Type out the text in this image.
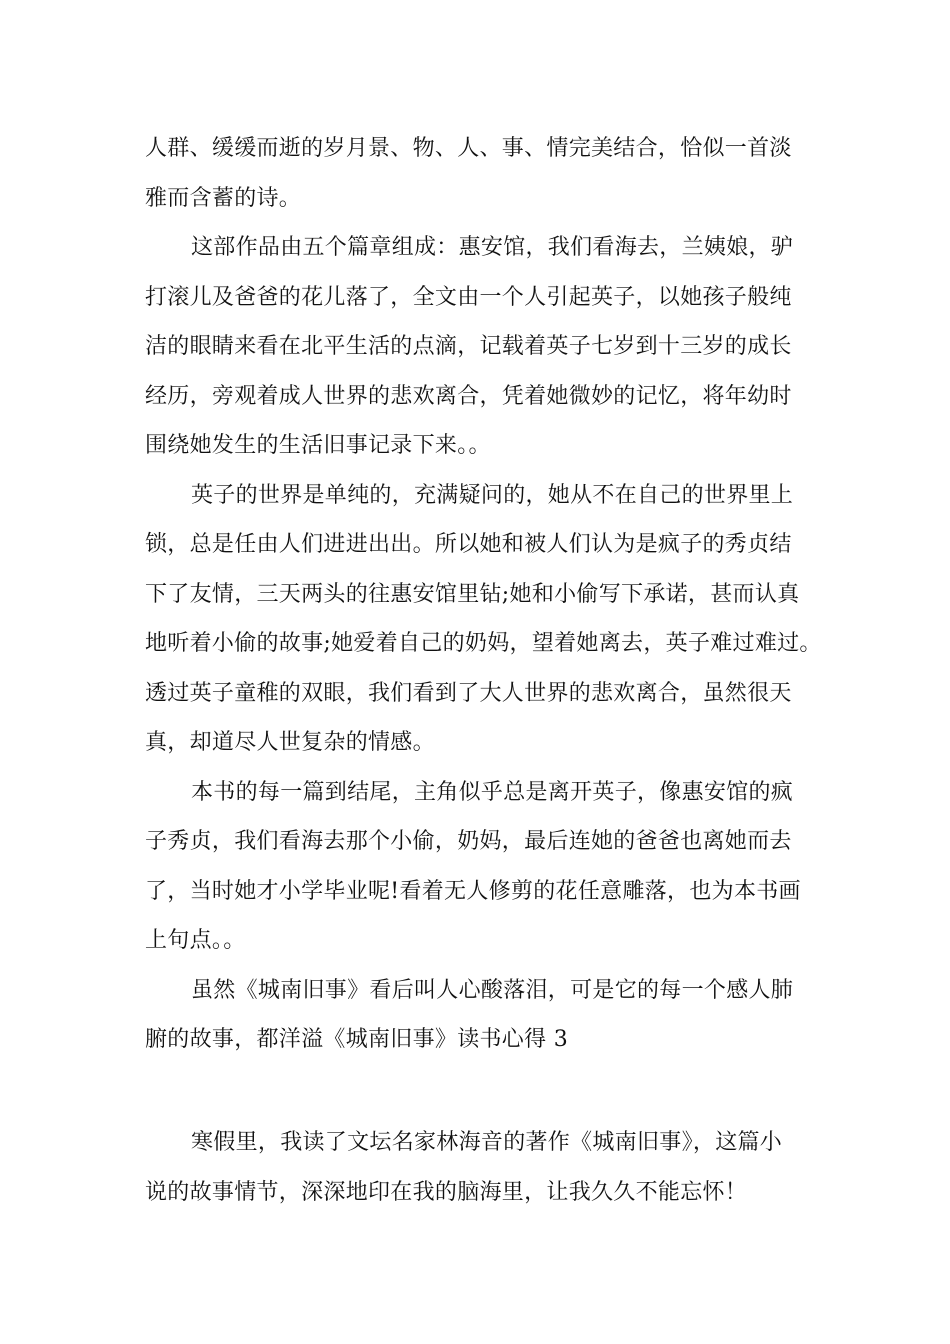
人群、缓缓而逝的岁月景、物、人、事、情完美结合，恰似一首淡
雅而含蓄的诗。
这部作品由五个篇章组成：惠安馆，我们看海去，兰姨娘，驴
打滚儿及爸爸的花儿落了，全文由一个人引起英子，以她孩子般纯
洁的眼睛来看在北平生活的点滴，记载着英子七岁到十三岁的成长
经历，旁观着成人世界的悲欢离合，凭着她微妙的记忆，将年幼时
围绕她发生的生活旧事记录下来。。
英子的世界是单纯的，充满疑问的，她从不在自己的世界里上
锁，总是任由人们进进出出。所以她和被人们认为是疯子的秀贞结
下了友情，三天两头的往惠安馆里钻;她和小偷写下承诺，甚而认真
地听着小偷的故事;她爱着自己的奶妈，望着她离去，英子难过难过。
透过英子童稚的双眼，我们看到了大人世界的悲欢离合，虽然很天
真，却道尽人世复杂的情感。
本书的每一篇到结尾，主角似乎总是离开英子，像惠安馆的疯
子秀贞，我们看海去那个小偷，奶妈，最后连她的爸爸也离她而去
了，当时她才小学毕业呢!看着无人修剪的花任意雕落，也为本书画
上句点。。
虽然《城南旧事》看后叫人心酸落泪，可是它的每一个感人肺
腑的故事，都洋溢《城南旧事》读书心得 3
寒假里，我读了文坛名家林海音的著作《城南旧事》，这篇小
说的故事情节，深深地印在我的脑海里，让我久久不能忘怀！
